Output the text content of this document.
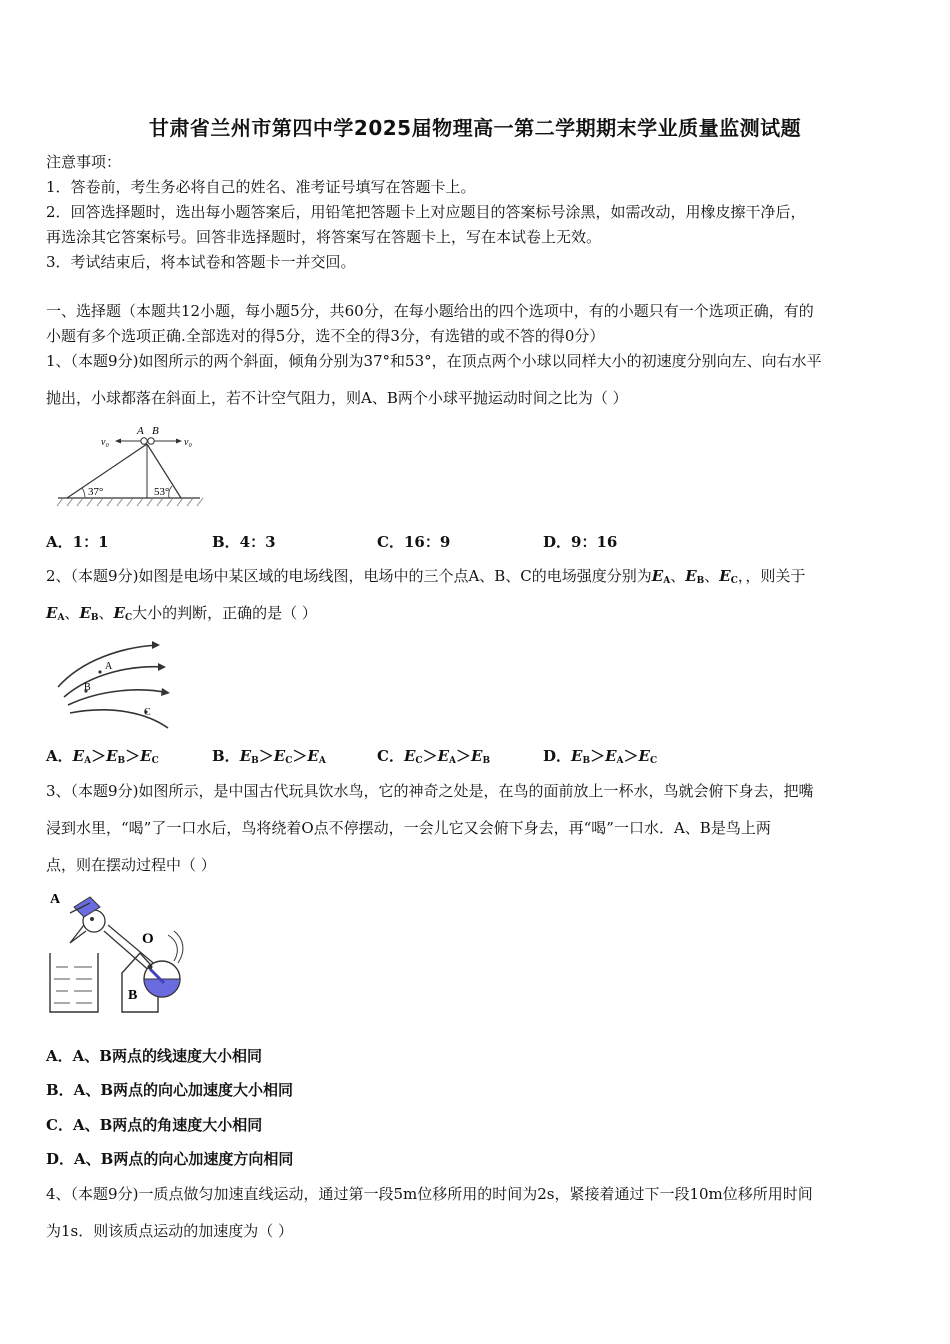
甘肃省兰州市第四中学2025届物理高一第二学期期末学业质量监测试题
注意事项：
1．答卷前，考生务必将自己的姓名、准考证号填写在答题卡上。
2．回答选择题时，选出每小题答案后，用铅笔把答题卡上对应题目的答案标号涂黑，如需改动，用橡皮擦干净后，
再选涂其它答案标号。回答非选择题时，将答案写在答题卡上，写在本试卷上无效。
3．考试结束后，将本试卷和答题卡一并交回。
一、选择题（本题共12小题，每小题5分，共60分，在每小题给出的四个选项中，有的小题只有一个选项正确，有的
小题有多个选项正确.全部选对的得5分，选不全的得3分，有选错的或不答的得0分）
1、（本题9分)如图所示的两个斜面，倾角分别为37°和53°，在顶点两个小球以同样大小的初速度分别向左、向右水平
抛出，小球都落在斜面上，若不计空气阻力，则A、B两个小球平抛运动时间之比为（ ）
A B
v₀	v₀
37°	53°
A．1：1	B．4：3	C．16：9	D．9：16
2、（本题9分)如图是电场中某区域的电场线图，电场中的三个点A、B、C的电场强度分别为$E_A$、$E_B$、$E_C$，，则关于
$E_A$、$E_B$、$E_C$大小的判断，正确的是（ ）
A
B
C
A．$E_A>E_B>E_C$	B．$E_B>E_C>E_A$	C．$E_C>E_A>E_B$	D．$E_B>E_A>E_C$
3、（本题9分)如图所示，是中国古代玩具饮水鸟，它的神奇之处是，在鸟的面前放上一杯水，鸟就会俯下身去，把嘴
浸到水里，“喝”了一口水后，鸟将绕着O点不停摆动，一会儿它又会俯下身去，再“喝”一口水．A、B是鸟上两
点，则在摆动过程中（ ）
A
B
O
A．A、B两点的线速度大小相同
B．A、B两点的向心加速度大小相同
C．A、B两点的角速度大小相同
D．A、B两点的向心加速度方向相同
4、（本题9分)一质点做匀加速直线运动，通过第一段5m位移所用的时间为2s，紧接着通过下一段10m位移所用时间
为1s．则该质点运动的加速度为（ ）
